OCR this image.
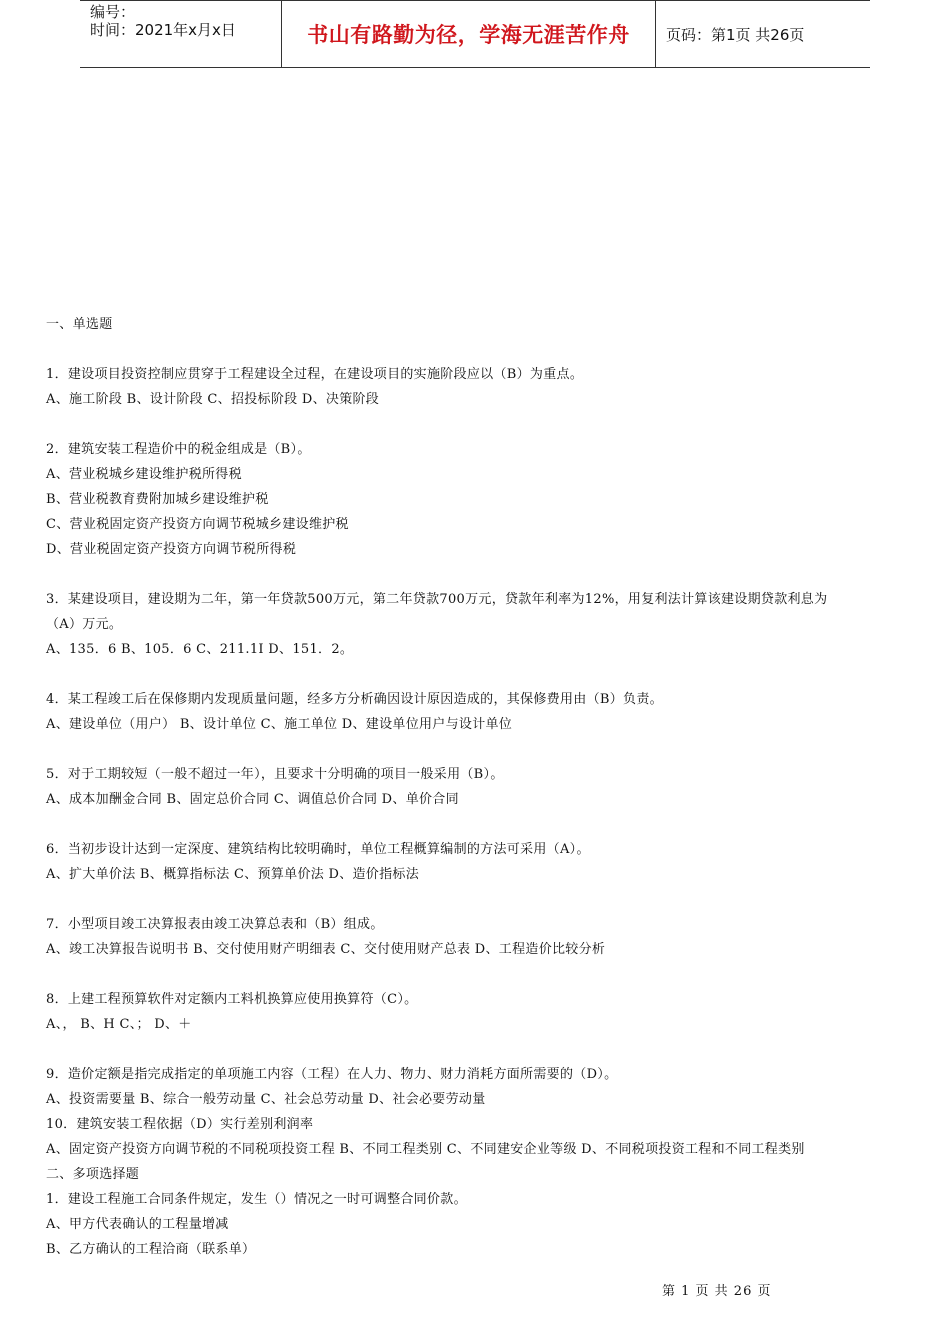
编号：
时间：2021年x月x日	书山有路勤为径，学海无涯苦作舟	页码：第1页 共26页

一、单选题

1．建设项目投资控制应贯穿于工程建设全过程，在建设项目的实施阶段应以（B）为重点。

A、施工阶段 B、设计阶段 C、招投标阶段 D、决策阶段

2．建筑安装工程造价中的税金组成是（B）。

A、营业税城乡建设维护税所得税

B、营业税教育费附加城乡建设维护税

C、营业税固定资产投资方向调节税城乡建设维护税

D、营业税固定资产投资方向调节税所得税

3．某建设项目，建设期为二年，第一年贷款500万元，第二年贷款700万元，贷款年利率为12%，用复利法计算该建设期贷款利息为

（A）万元。

A、135．6 B、105．6 C、211.1I D、151．2。

4．某工程竣工后在保修期内发现质量问题，经多方分析确因设计原因造成的，其保修费用由（B）负责。

A、建设单位（用户） B、设计单位 C、施工单位 D、建设单位用户与设计单位

5．对于工期较短（一般不超过一年），且要求十分明确的项目一般采用（B）。

A、成本加酬金合同 B、固定总价合同 C、调值总价合同 D、单价合同

6．当初步设计达到一定深度、建筑结构比较明确时，单位工程概算编制的方法可采用（A）。

A、扩大单价法 B、概算指标法 C、预算单价法 D、造价指标法

7．小型项目竣工决算报表由竣工决算总表和（B）组成。

A、竣工决算报告说明书 B、交付使用财产明细表 C、交付使用财产总表 D、工程造价比较分析

8．上建工程预算软件对定额内工料机换算应使用换算符（C）。

A、， B、H C、； D、＋

9．造价定额是指完成指定的单项施工内容（工程）在人力、物力、财力消耗方面所需要的（D）。

A、投资需要量 B、综合一般劳动量 C、社会总劳动量 D、社会必要劳动量

10．建筑安装工程依据（D）实行差别利润率

A、固定资产投资方向调节税的不同税项投资工程 B、不同工程类别 C、不同建安企业等级 D、不同税项投资工程和不同工程类别

二、多项选择题

1．建设工程施工合同条件规定，发生（）情况之一时可调整合同价款。

A、甲方代表确认的工程量增减

B、乙方确认的工程洽商（联系单）

第 1 页 共 26 页
